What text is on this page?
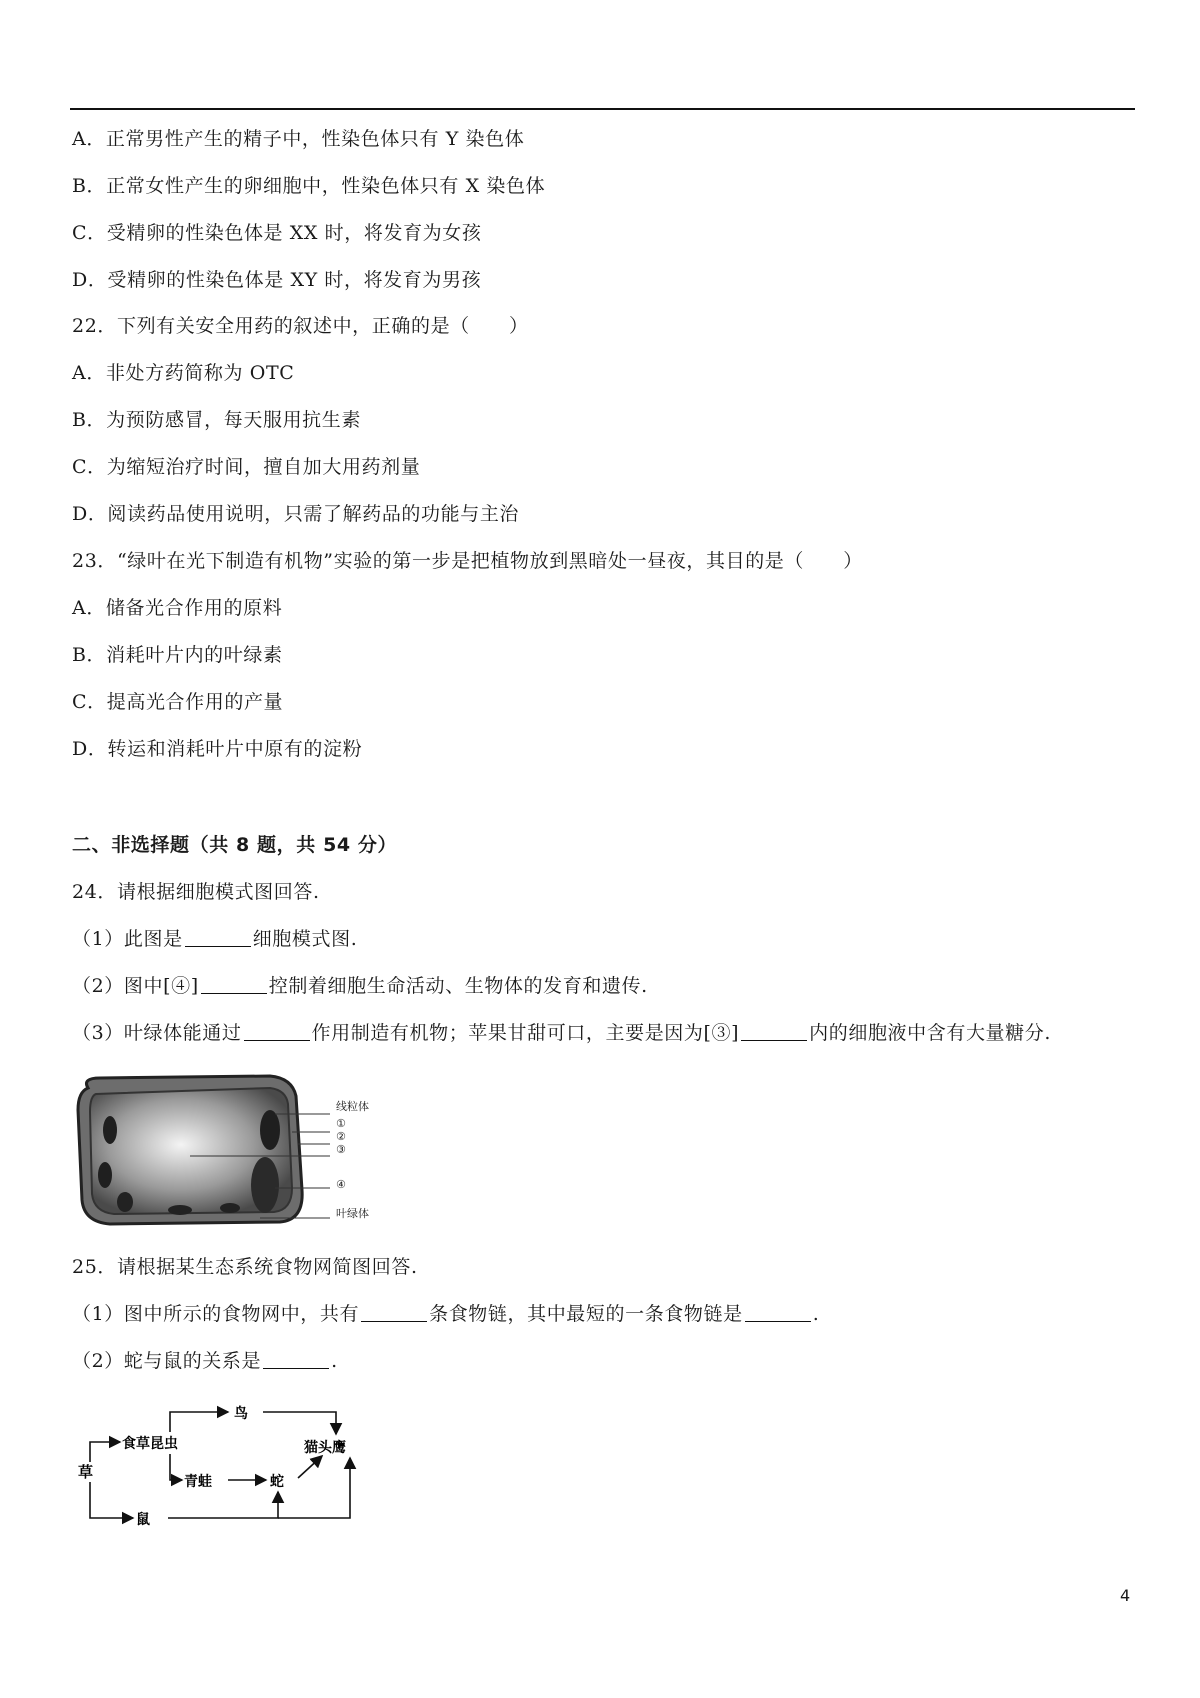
A．正常男性产生的精子中，性染色体只有 Y 染色体
B．正常女性产生的卵细胞中，性染色体只有 X 染色体
C．受精卵的性染色体是 XX 时，将发育为女孩
D．受精卵的性染色体是 XY 时，将发育为男孩
22．下列有关安全用药的叙述中，正确的是（　　）
A．非处方药简称为 OTC
B．为预防感冒，每天服用抗生素
C．为缩短治疗时间，擅自加大用药剂量
D．阅读药品使用说明，只需了解药品的功能与主治
23．“绿叶在光下制造有机物”实验的第一步是把植物放到黑暗处一昼夜，其目的是（　　）
A．储备光合作用的原料
B．消耗叶片内的叶绿素
C．提高光合作用的产量
D．转运和消耗叶片中原有的淀粉
二、非选择题（共 8 题，共 54 分）
24．请根据细胞模式图回答.
（1）此图是	细胞模式图.
（2）图中[④]	控制着细胞生命活动、生物体的发育和遗传.
（3）叶绿体能通过	作用制造有机物；苹果甘甜可口，主要是因为[③]	内的细胞液中含有大量糖分.
线粒体
①
②
③
④
叶绿体
25．请根据某生态系统食物网简图回答.
（1）图中所示的食物网中，共有	条食物链，其中最短的一条食物链是	.
（2）蛇与鼠的关系是	.
草
食草昆虫
鸟
猫头鹰
青蛙	蛇
鼠
4
